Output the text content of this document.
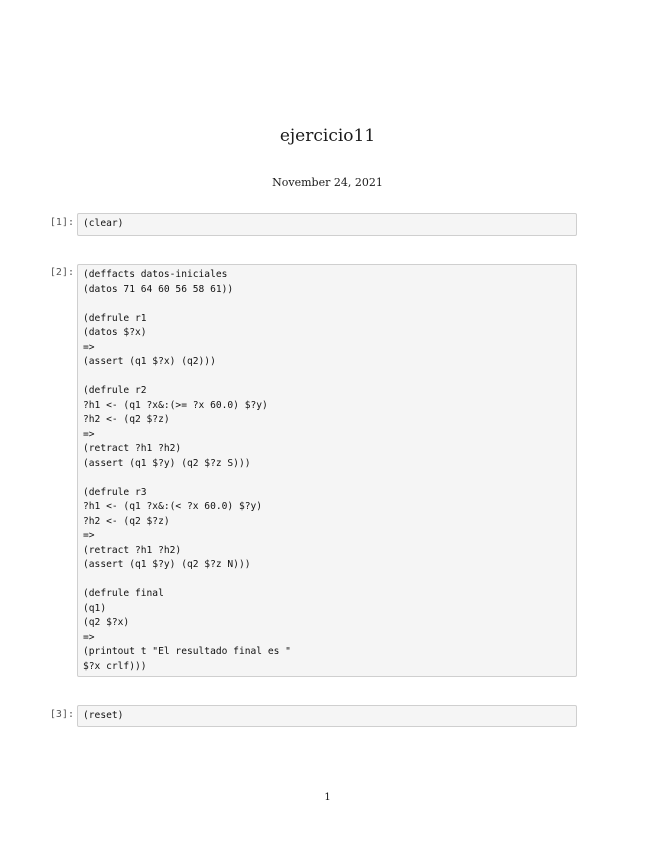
ejercicio11
November 24, 2021
[1]: (clear)
[2]: (deffacts datos-iniciales
(datos 71 64 60 56 58 61))

(defrule r1
(datos $?x)
=>
(assert (q1 $?x) (q2)))

(defrule r2
?h1 <- (q1 ?x&:(>= ?x 60.0) $?y)
?h2 <- (q2 $?z)
=>
(retract ?h1 ?h2)
(assert (q1 $?y) (q2 $?z S)))

(defrule r3
?h1 <- (q1 ?x&:(< ?x 60.0) $?y)
?h2 <- (q2 $?z)
=>
(retract ?h1 ?h2)
(assert (q1 $?y) (q2 $?z N)))

(defrule final
(q1)
(q2 $?x)
=>
(printout t "El resultado final es "
$?x crlf)))
[3]: (reset)
1
